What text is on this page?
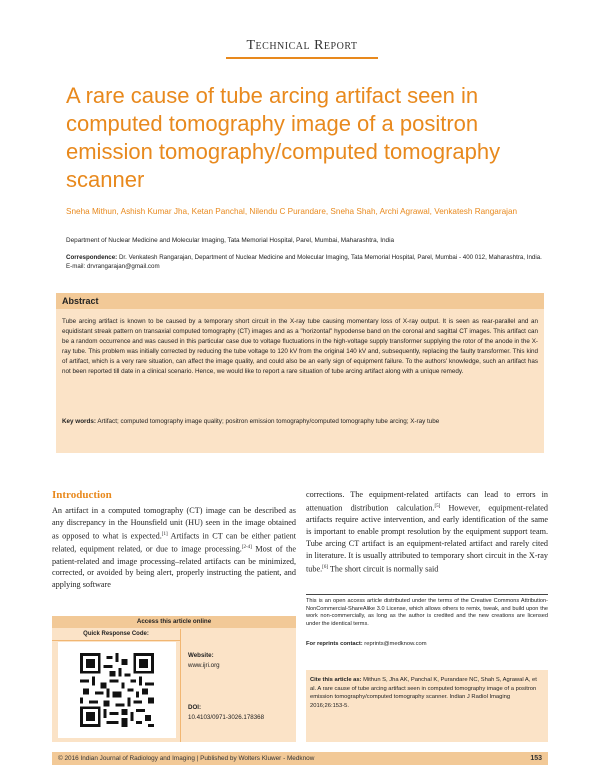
Technical Report
A rare cause of tube arcing artifact seen in computed tomography image of a positron emission tomography/computed tomography scanner
Sneha Mithun, Ashish Kumar Jha, Ketan Panchal, Nilendu C Purandare, Sneha Shah, Archi Agrawal, Venkatesh Rangarajan
Department of Nuclear Medicine and Molecular Imaging, Tata Memorial Hospital, Parel, Mumbai, Maharashtra, India
Correspondence: Dr. Venkatesh Rangarajan, Department of Nuclear Medicine and Molecular Imaging, Tata Memorial Hospital, Parel, Mumbai - 400 012, Maharashtra, India. E-mail: drvrangarajan@gmail.com
Abstract
Tube arcing artifact is known to be caused by a temporary short circuit in the X-ray tube causing momentary loss of X-ray output. It is seen as rear-parallel and an equidistant streak pattern on transaxial computed tomography (CT) images and as a "horizontal" hypodense band on the coronal and sagittal CT images. This artifact can be a random occurrence and was caused in this particular case due to voltage fluctuations in the high-voltage supply transformer supplying the rotor of the anode in the X-ray tube. This problem was initially corrected by reducing the tube voltage to 120 kV from the original 140 kV and, subsequently, replacing the faulty transformer. This kind of artifact, which is a very rare situation, can affect the image quality, and could also be an early sign of equipment failure. To the authors' knowledge, such an artifact has not been reported till date in a clinical scenario. Hence, we would like to report a rare situation of tube arcing artifact along with a unique remedy.
Key words: Artifact; computed tomography image quality; positron emission tomography/computed tomography tube arcing; X-ray tube
Introduction

An artifact in a computed tomography (CT) image can be described as any discrepancy in the Hounsfield unit (HU) seen in the image obtained as opposed to what is expected.[1] Artifacts in CT can be either patient related, equipment related, or due to image processing.[2-4] Most of the patient-related and image processing–related artifacts can be minimized, corrected, or avoided by being alert, properly instructing the patient, and applying software

corrections. The equipment-related artifacts can lead to errors in attenuation distribution calculation.[5] However, equipment-related artifacts require active intervention, and early identification of the same is important to enable prompt resolution by the equipment support team. Tube arcing CT artifact is an equipment-related artifact and rarely cited in literature. It is usually attributed to temporary short circuit in the X-ray tube.[6] The short circuit is normally said

Access this article online
Quick Response Code:
Website:
www.ijri.org
DOI:
10.4103/0971-3026.178368
This is an open access article distributed under the terms of the Creative Commons Attribution-NonCommercial-ShareAlike 3.0 License, which allows others to remix, tweak, and build upon the work non-commercially, as long as the author is credited and the new creations are licensed under the identical terms.
For reprints contact: reprints@medknow.com
Cite this article as: Mithun S, Jha AK, Panchal K, Purandare NC, Shah S, Agrawal A, et al. A rare cause of tube arcing artifact seen in computed tomography image of a positron emission tomography/computed tomography scanner. Indian J Radiol Imaging 2016;26:153-5.
© 2016 Indian Journal of Radiology and Imaging | Published by Wolters Kluwer - Medknow	153
